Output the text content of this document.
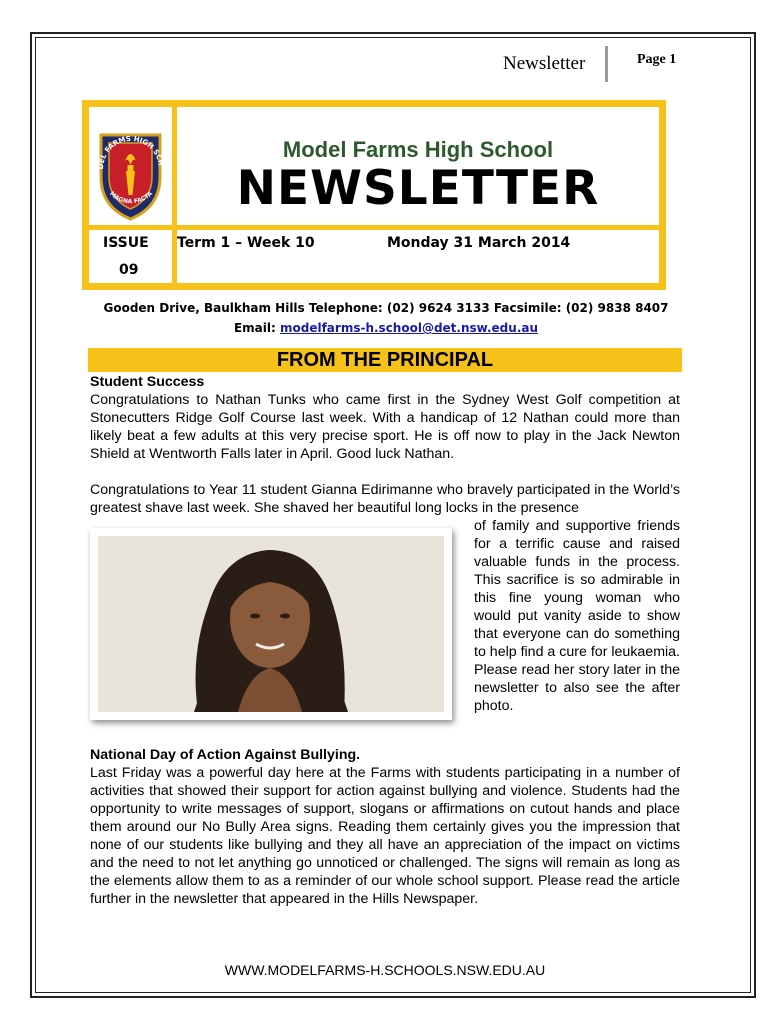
Newsletter	Page 1
DEL FARMS HIGH SCH
MAGNA FACTA
Model Farms High School
NEWSLETTER
ISSUE
09
Term 1 – Week 10	Monday 31 March 2014
Gooden Drive, Baulkham Hills Telephone: (02) 9624 3133 Facsimile: (02) 9838 8407
Email: modelfarms-h.school@det.nsw.edu.au
FROM THE PRINCIPAL

Student Success

Congratulations to Nathan Tunks who came first in the Sydney West Golf competition at Stonecutters Ridge Golf Course last week. With a handicap of 12 Nathan could more than likely beat a few adults at this very precise sport. He is off now to play in the Jack Newton Shield at Wentworth Falls later in April. Good luck Nathan.

Congratulations to Year 11 student Gianna Edirimanne who bravely participated in the World’s greatest shave last week. She shaved her beautiful long locks in the presence

of family and supportive friends for a terrific cause and raised valuable funds in the process. This sacrifice is so admirable in this fine young woman who would put vanity aside to show that everyone can do something to help find a cure for leukaemia. Please read her story later in the newsletter to also see the after photo.

National Day of Action Against Bullying.

Last Friday was a powerful day here at the Farms with students participating in a number of activities that showed their support for action against bullying and violence. Students had the opportunity to write messages of support, slogans or affirmations on cutout hands and place them around our No Bully Area signs. Reading them certainly gives you the impression that none of our students like bullying and they all have an appreciation of the impact on victims and the need to not let anything go unnoticed or challenged. The signs will remain as long as the elements allow them to as a reminder of our whole school support. Please read the article further in the newsletter that appeared in the Hills Newspaper.

WWW.MODELFARMS-H.SCHOOLS.NSW.EDU.AU
